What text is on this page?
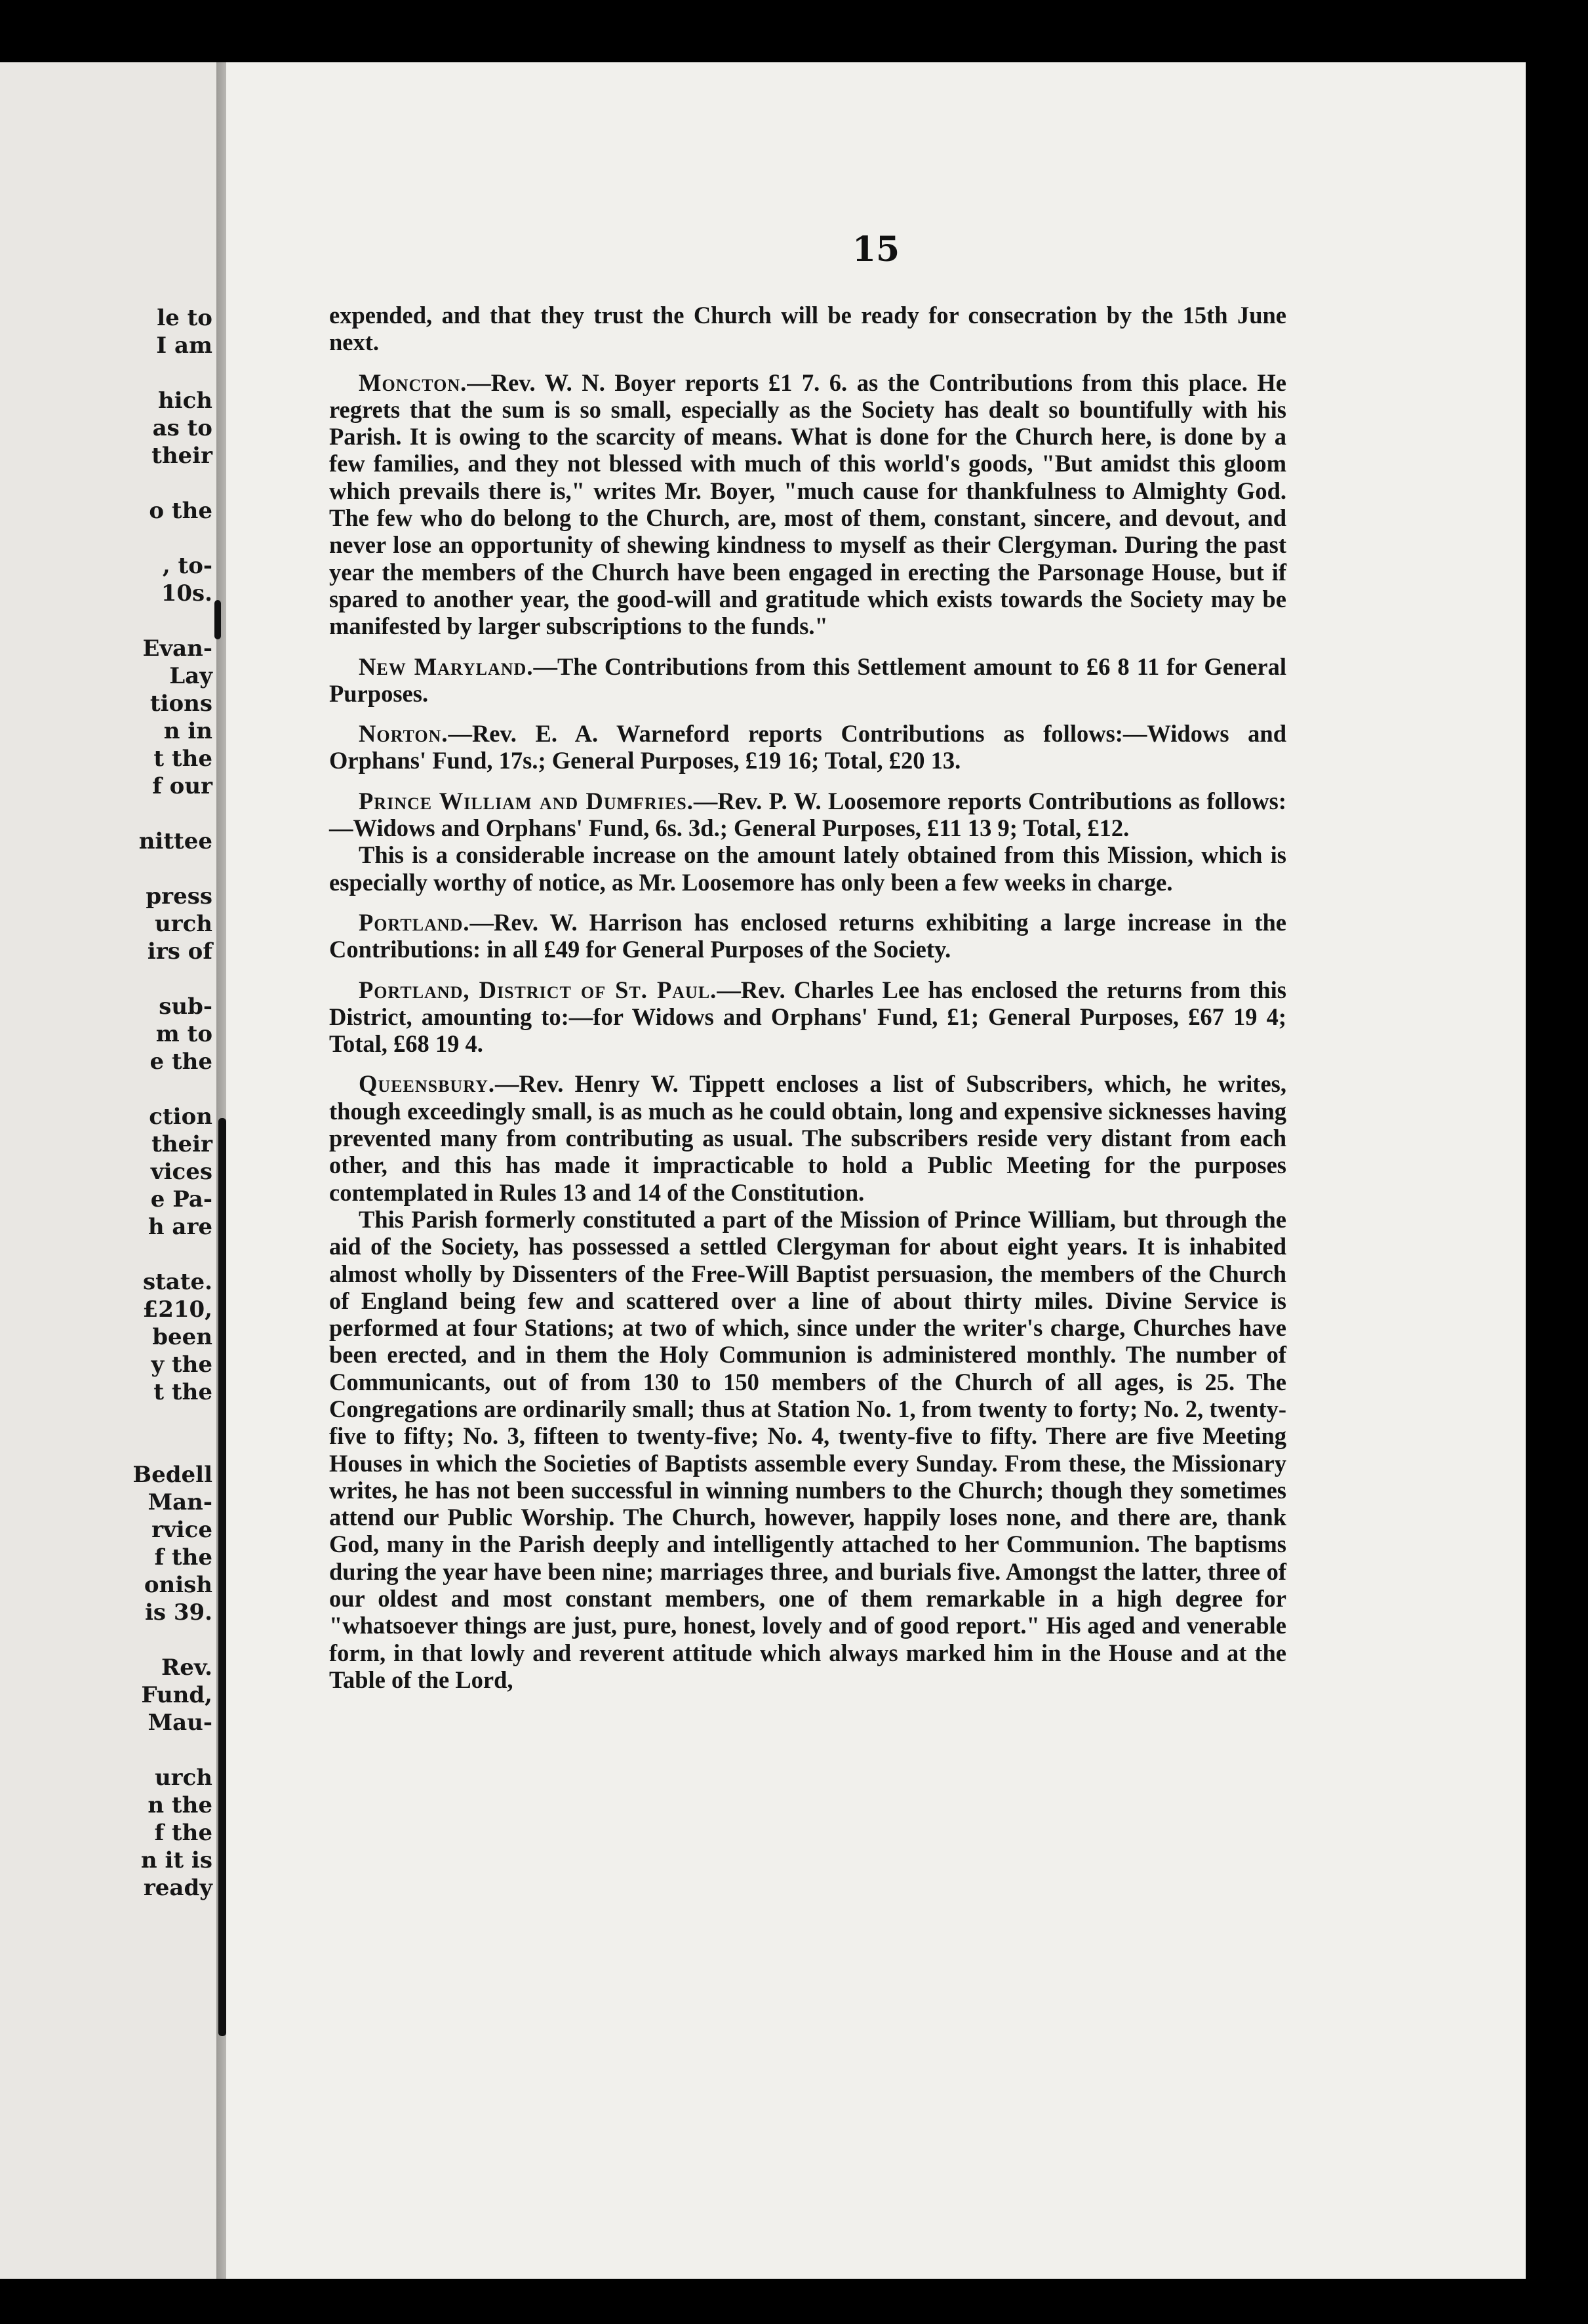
le to
I am
hich
as to
their
o the
, to-
10s.
Evan-
Lay
tions
n in
t the
f our
nittee
press
urch
irs of
sub-
m to
e the
ction
their
vices
e Pa-
h are
state.
£210,
been
y the
t the
Bedell
Man-
rvice
f the
onish
is 39.
Rev.
Fund,
Mau-
urch
n the
f the
n it is
ready
15

expended, and that they trust the Church will be ready for consecration by the 15th June next.

Moncton.—Rev. W. N. Boyer reports £1 7. 6. as the Contributions from this place. He regrets that the sum is so small, especially as the Society has dealt so bountifully with his Parish. It is owing to the scarcity of means. What is done for the Church here, is done by a few families, and they not blessed with much of this world's goods, "But amidst this gloom which prevails there is," writes Mr. Boyer, "much cause for thankfulness to Almighty God. The few who do belong to the Church, are, most of them, constant, sincere, and devout, and never lose an opportunity of shewing kindness to myself as their Clergyman. During the past year the members of the Church have been engaged in erecting the Parsonage House, but if spared to another year, the good-will and gratitude which exists towards the Society may be manifested by larger subscriptions to the funds."

New Maryland.—The Contributions from this Settlement amount to £6 8 11 for General Purposes.

Norton.—Rev. E. A. Warneford reports Contributions as follows:—Widows and Orphans' Fund, 17s.; General Purposes, £19 16; Total, £20 13.

Prince William and Dumfries.—Rev. P. W. Loosemore reports Contributions as follows:—Widows and Orphans' Fund, 6s. 3d.; General Purposes, £11 13 9; Total, £12.

This is a considerable increase on the amount lately obtained from this Mission, which is especially worthy of notice, as Mr. Loosemore has only been a few weeks in charge.

Portland.—Rev. W. Harrison has enclosed returns exhibiting a large increase in the Contributions: in all £49 for General Purposes of the Society.

Portland, District of St. Paul.—Rev. Charles Lee has enclosed the returns from this District, amounting to:—for Widows and Orphans' Fund, £1; General Purposes, £67 19 4; Total, £68 19 4.

Queensbury.—Rev. Henry W. Tippett encloses a list of Subscribers, which, he writes, though exceedingly small, is as much as he could obtain, long and expensive sicknesses having prevented many from contributing as usual. The subscribers reside very distant from each other, and this has made it impracticable to hold a Public Meeting for the purposes contemplated in Rules 13 and 14 of the Constitution.

This Parish formerly constituted a part of the Mission of Prince William, but through the aid of the Society, has possessed a settled Clergyman for about eight years. It is inhabited almost wholly by Dissenters of the Free-Will Baptist persuasion, the members of the Church of England being few and scattered over a line of about thirty miles. Divine Service is performed at four Stations; at two of which, since under the writer's charge, Churches have been erected, and in them the Holy Communion is administered monthly. The number of Communicants, out of from 130 to 150 members of the Church of all ages, is 25. The Congregations are ordinarily small; thus at Station No. 1, from twenty to forty; No. 2, twenty-five to fifty; No. 3, fifteen to twenty-five; No. 4, twenty-five to fifty. There are five Meeting Houses in which the Societies of Baptists assemble every Sunday. From these, the Missionary writes, he has not been successful in winning numbers to the Church; though they sometimes attend our Public Worship. The Church, however, happily loses none, and there are, thank God, many in the Parish deeply and intelligently attached to her Communion. The baptisms during the year have been nine; marriages three, and burials five. Amongst the latter, three of our oldest and most constant members, one of them remarkable in a high degree for "whatsoever things are just, pure, honest, lovely and of good report." His aged and venerable form, in that lowly and reverent attitude which always marked him in the House and at the Table of the Lord,
